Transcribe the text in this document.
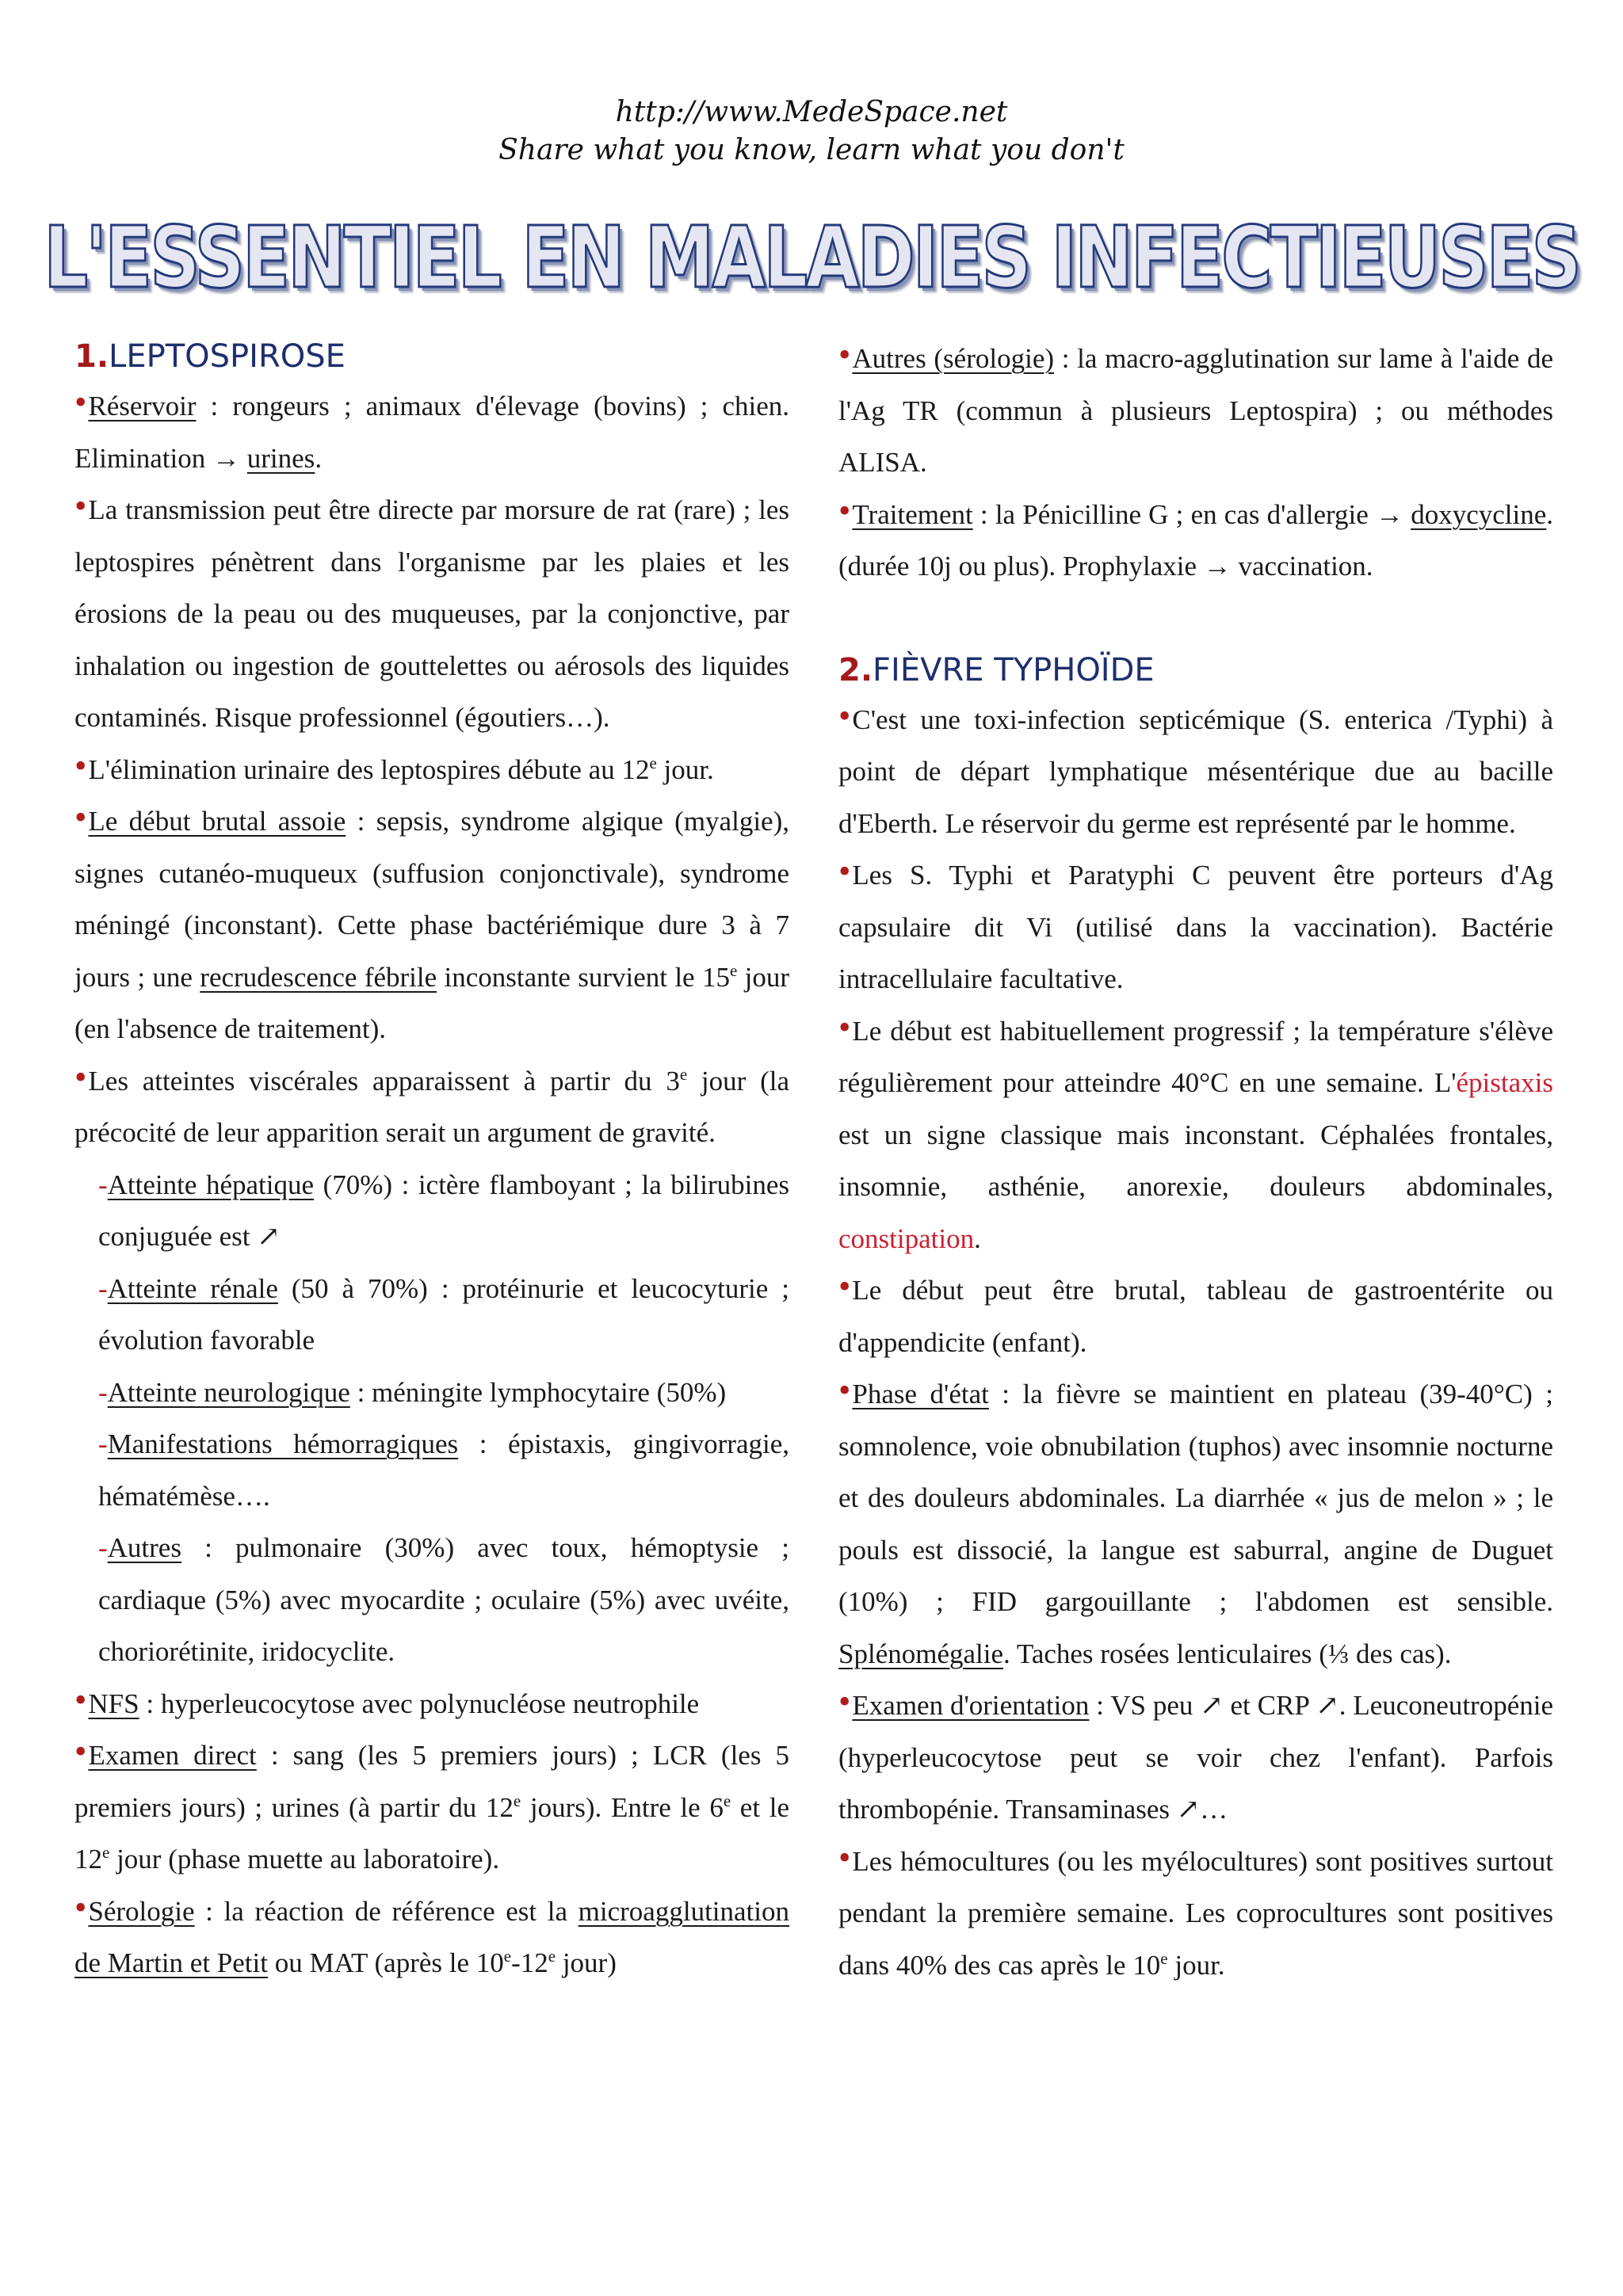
http://www.MedeSpace.net
Share what you know, learn what you don't
L'ESSENTIEL EN MALADIES INFECTIEUSES

1.LEPTOSPIROSE

•Réservoir : rongeurs ; animaux d'élevage (bovins) ; chien. Elimination → urines.

•La transmission peut être directe par morsure de rat (rare) ; les leptospires pénètrent dans l'organisme par les plaies et les érosions de la peau ou des muqueuses, par la conjonctive, par inhalation ou ingestion de gouttelettes ou aérosols des liquides contaminés. Risque professionnel (égoutiers…).

•L'élimination urinaire des leptospires débute au 12e jour.

•Le début brutal assoie : sepsis, syndrome algique (myalgie), signes cutanéo-muqueux (suffusion conjonctivale), syndrome méningé (inconstant). Cette phase bactériémique dure 3 à 7 jours ; une recrudescence fébrile inconstante survient le 15e jour (en l'absence de traitement).

•Les atteintes viscérales apparaissent à partir du 3e jour (la précocité de leur apparition serait un argument de gravité.

-Atteinte hépatique (70%) : ictère flamboyant ; la bilirubines conjuguée est ↗

-Atteinte rénale (50 à 70%) : protéinurie et leucocyturie ; évolution favorable

-Atteinte neurologique : méningite lymphocytaire (50%)

-Manifestations hémorragiques : épistaxis, gingivorragie, hématémèse….

-Autres : pulmonaire (30%) avec toux, hémoptysie ; cardiaque (5%) avec myocardite ; oculaire (5%) avec uvéite, choriorétinite, iridocyclite.

•NFS : hyperleucocytose avec polynucléose neutrophile

•Examen direct : sang (les 5 premiers jours) ; LCR (les 5 premiers jours) ; urines (à partir du 12e jours). Entre le 6e et le 12e jour (phase muette au laboratoire).

•Sérologie : la réaction de référence est la microagglutination de Martin et Petit ou MAT (après le 10e-12e jour)

•Autres (sérologie) : la macro-agglutination sur lame à l'aide de l'Ag TR (commun à plusieurs Leptospira) ; ou méthodes ALISA.

•Traitement : la Pénicilline G ; en cas d'allergie → doxycycline. (durée 10j ou plus). Prophylaxie → vaccination.

2.FIÈVRE TYPHOÏDE

•C'est une toxi-infection septicémique (S. enterica /Typhi) à point de départ lymphatique mésentérique due au bacille d'Eberth. Le réservoir du germe est représenté par le homme.

•Les S. Typhi et Paratyphi C peuvent être porteurs d'Ag capsulaire dit Vi (utilisé dans la vaccination). Bactérie intracellulaire facultative.

•Le début est habituellement progressif ; la température s'élève régulièrement pour atteindre 40°C en une semaine. L'épistaxis est un signe classique mais inconstant. Céphalées frontales, insomnie, asthénie, anorexie, douleurs abdominales, constipation.

•Le début peut être brutal, tableau de gastroentérite ou d'appendicite (enfant).

•Phase d'état : la fièvre se maintient en plateau (39-40°C) ; somnolence, voie obnubilation (tuphos) avec insomnie nocturne et des douleurs abdominales. La diarrhée « jus de melon » ; le pouls est dissocié, la langue est saburral, angine de Duguet (10%) ; FID gargouillante ; l'abdomen est sensible. Splénomégalie. Taches rosées lenticulaires (⅓ des cas).

•Examen d'orientation : VS peu ↗ et CRP ↗. Leuconeutropénie (hyperleucocytose peut se voir chez l'enfant). Parfois thrombopénie. Transaminases ↗…

•Les hémocultures (ou les myélocultures) sont positives surtout pendant la première semaine. Les coprocultures sont positives dans 40% des cas après le 10e jour.
